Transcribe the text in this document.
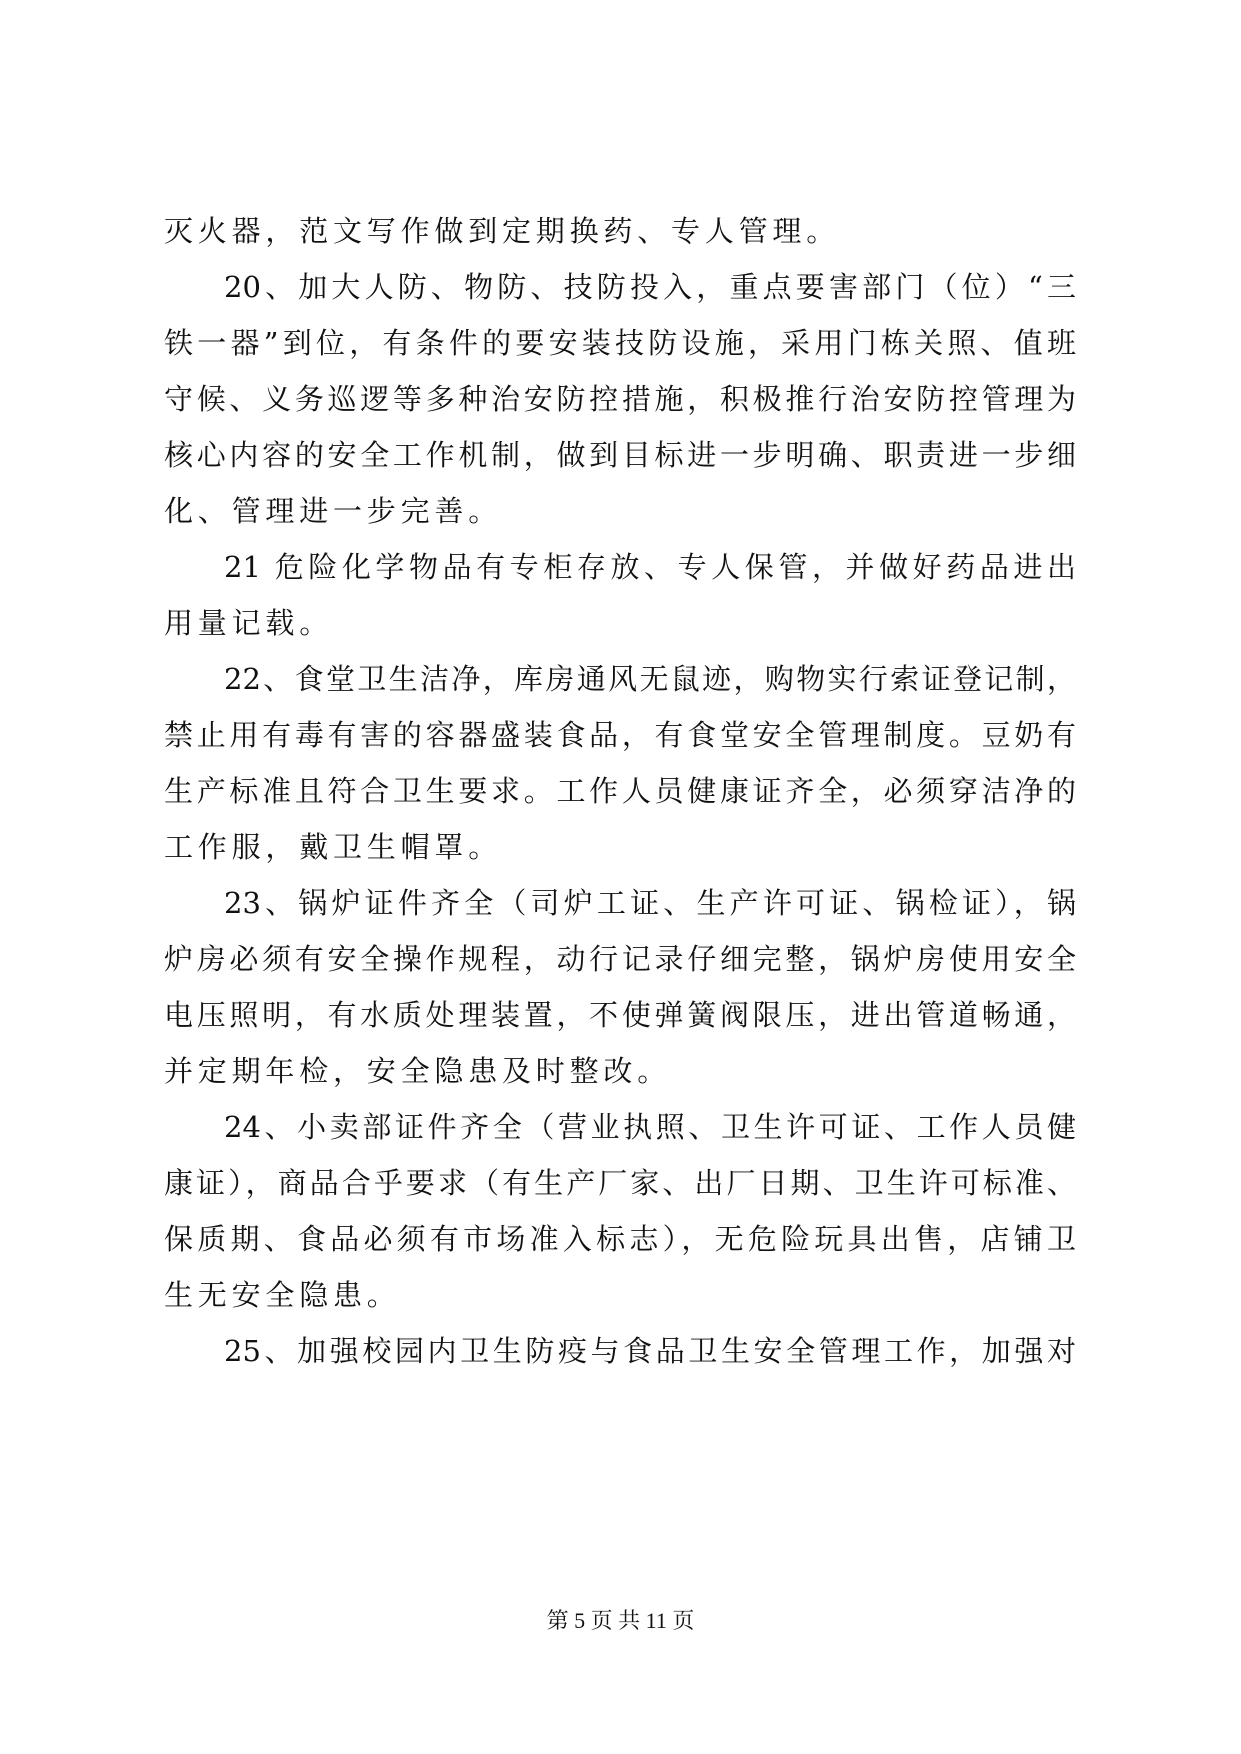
灭火器，范文写作做到定期换药、专人管理。
20、加大人防、物防、技防投入，重点要害部门（位）“三
铁一器”到位，有条件的要安装技防设施，采用门栋关照、值班
守候、义务巡逻等多种治安防控措施，积极推行治安防控管理为
核心内容的安全工作机制，做到目标进一步明确、职责进一步细
化、管理进一步完善。
21 危险化学物品有专柜存放、专人保管，并做好药品进出
用量记载。
22、食堂卫生洁净，库房通风无鼠迹，购物实行索证登记制，
禁止用有毒有害的容器盛装食品，有食堂安全管理制度。豆奶有
生产标准且符合卫生要求。工作人员健康证齐全，必须穿洁净的
工作服，戴卫生帽罩。
23、锅炉证件齐全（司炉工证、生产许可证、锅检证），锅
炉房必须有安全操作规程，动行记录仔细完整，锅炉房使用安全
电压照明，有水质处理装置，不使弹簧阀限压，进出管道畅通，
并定期年检，安全隐患及时整改。
24、小卖部证件齐全（营业执照、卫生许可证、工作人员健
康证），商品合乎要求（有生产厂家、出厂日期、卫生许可标准、
保质期、食品必须有市场准入标志），无危险玩具出售，店铺卫
生无安全隐患。
25、加强校园内卫生防疫与食品卫生安全管理工作，加强对
第 5 页 共 11 页
